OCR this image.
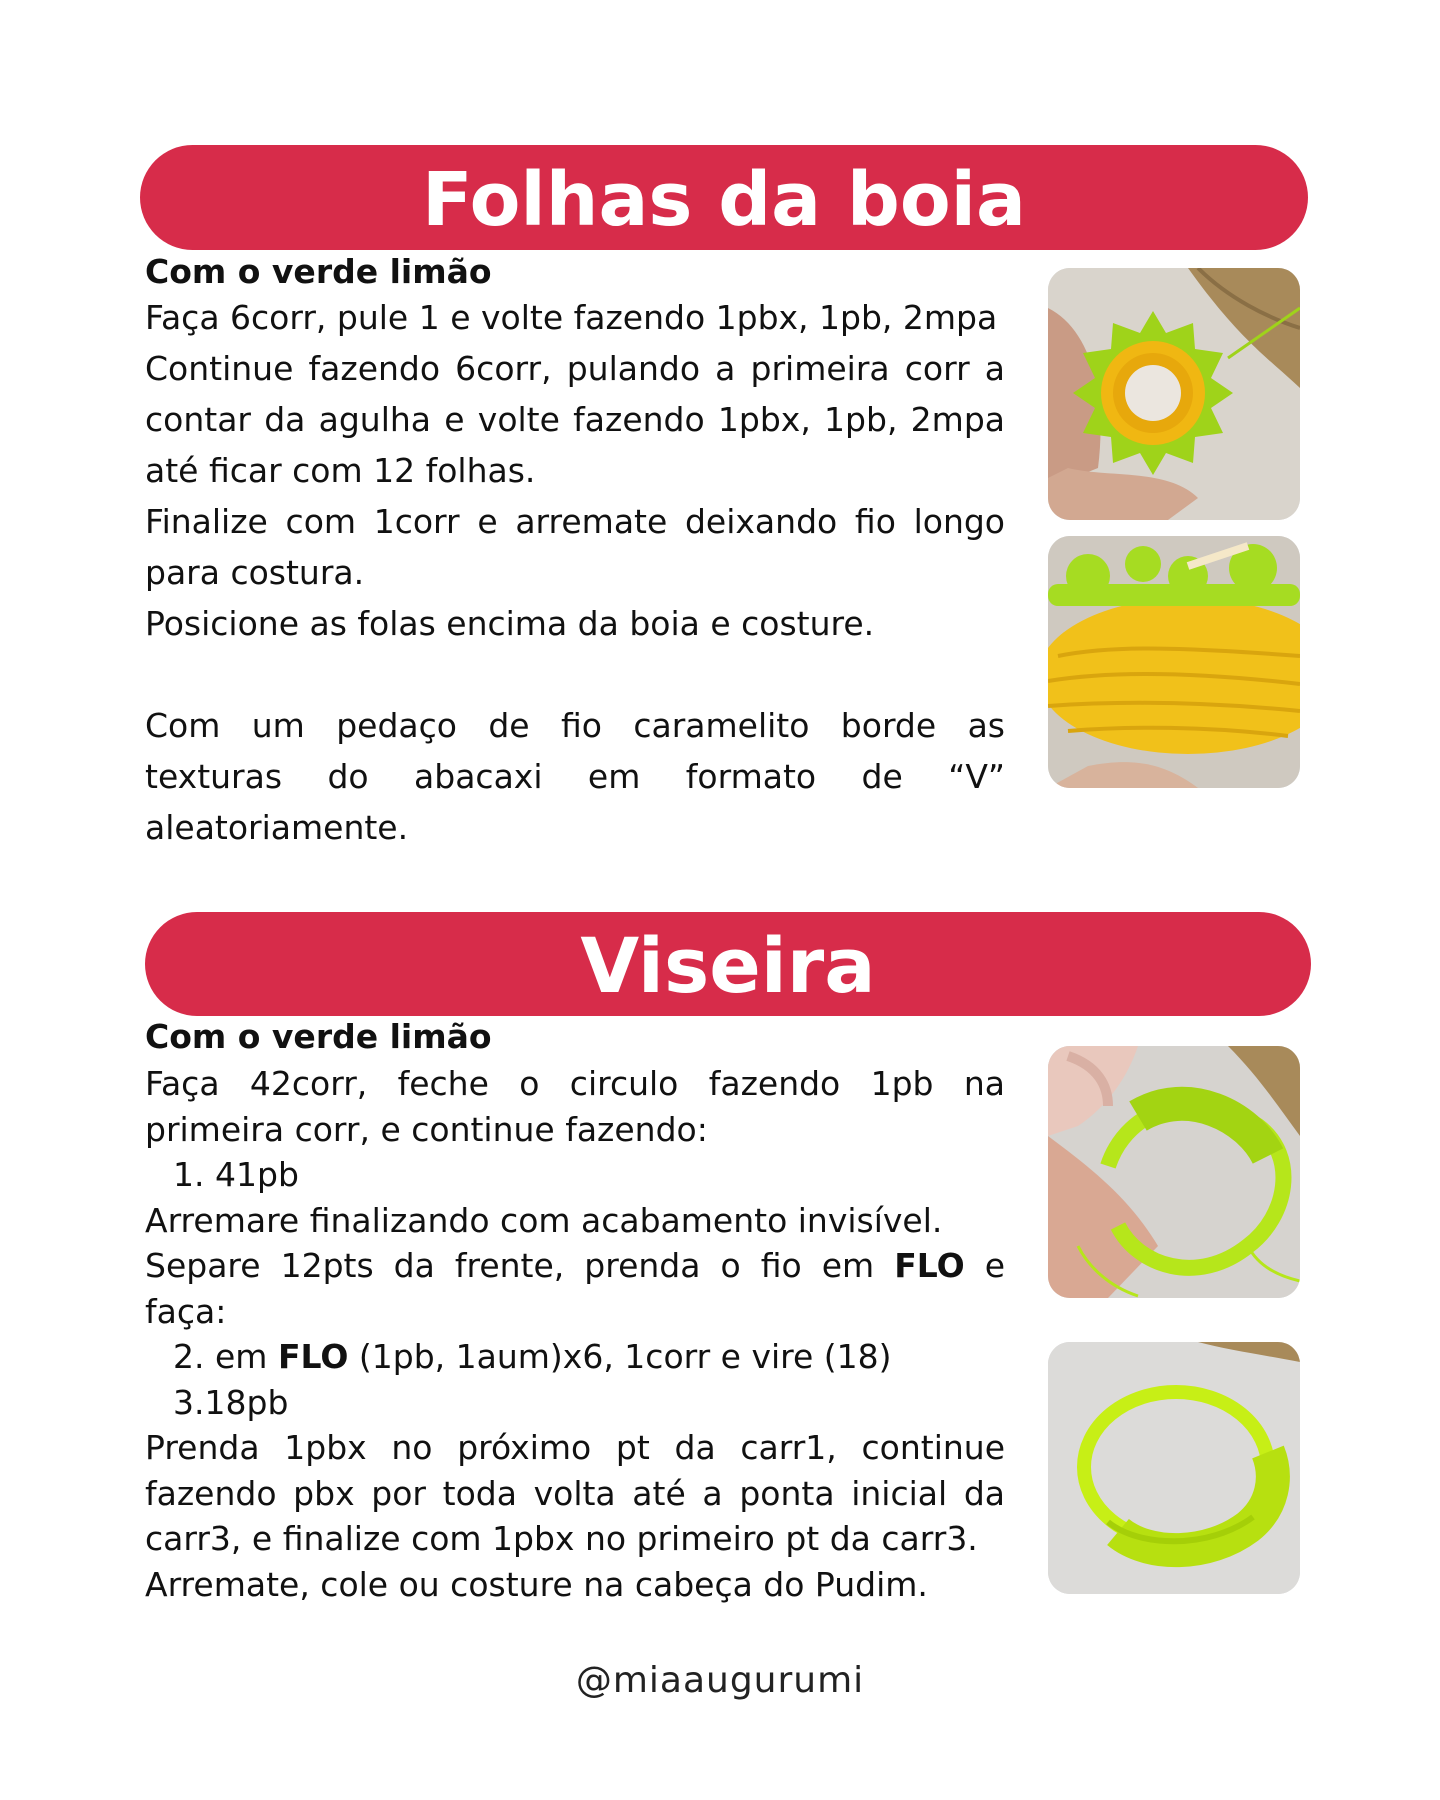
Folhas da boia

Com o verde limão

Faça 6corr, pule 1 e volte fazendo 1pbx, 1pb, 2mpa

Continue fazendo 6corr, pulando a primeira corr a contar da agulha e volte fazendo 1pbx, 1pb, 2mpa até ficar com 12 folhas.

Finalize com 1corr e arremate deixando fio longo para costura.

Posicione as folas encima da boia e costure.

Com um pedaço de fio caramelito borde as texturas do abacaxi em formato de “V” aleatoriamente.

Viseira

Com o verde limão

Faça 42corr, feche o circulo fazendo 1pb na primeira corr, e continue fazendo:

1. 41pb

Arremare finalizando com acabamento invisível.

Separe 12pts da frente, prenda o fio em FLO e faça:

2. em FLO (1pb, 1aum)x6, 1corr e vire (18)

3.18pb

Prenda 1pbx no próximo pt da carr1, continue fazendo pbx por toda volta até a ponta inicial da carr3, e finalize com 1pbx no primeiro pt da carr3.

Arremate, cole ou costure na cabeça do Pudim.

@miaaugurumi
